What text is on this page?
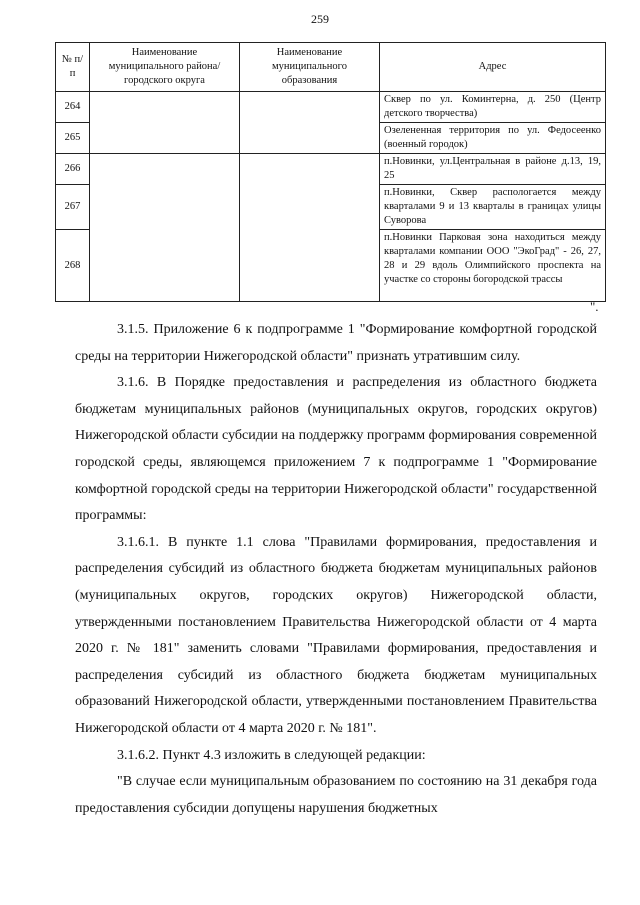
259
№ п/п	Наименование муниципального района/ городского округа	Наименование муниципального образования	Адрес
264			Сквер по ул. Коминтерна, д. 250 (Центр детского творчества)
265			Озелененная территория по ул. Федосеенко (военный городок)
266			п.Новинки, ул.Центральная в районе д.13, 19, 25
267			п.Новинки, Сквер распологается между кварталами 9 и 13 кварталы в границах улицы Суворова
268			п.Новинки Парковая зона находиться между кварталами компании ООО "ЭкоГрад" - 26, 27, 28 и 29 вдоль Олимпийского проспекта на участке со стороны богородской трассы
".

3.1.5. Приложение 6 к подпрограмме 1 "Формирование комфортной городской среды на территории Нижегородской области" признать утратившим силу.

3.1.6. В Порядке предоставления и распределения из областного бюджета бюджетам муниципальных районов (муниципальных округов, городских округов) Нижегородской области субсидии на поддержку программ формирования современной городской среды, являющемся приложением 7 к подпрограмме 1 "Формирование комфортной городской среды на территории Нижегородской области" государственной программы:

3.1.6.1. В пункте 1.1 слова "Правилами формирования, предоставления и распределения субсидий из областного бюджета бюджетам муниципальных районов (муниципальных округов, городских округов) Нижегородской области, утвержденными постановлением Правительства Нижегородской области от 4 марта 2020 г. № 181" заменить словами "Правилами формирования, предоставления и распределения субсидий из областного бюджета бюджетам муниципальных образований Нижегородской области, утвержденными постановлением Правительства Нижегородской области от 4 марта 2020 г. № 181".

3.1.6.2. Пункт 4.3 изложить в следующей редакции:

"В случае если муниципальным образованием по состоянию на 31 декабря года предоставления субсидии допущены нарушения бюджетных
